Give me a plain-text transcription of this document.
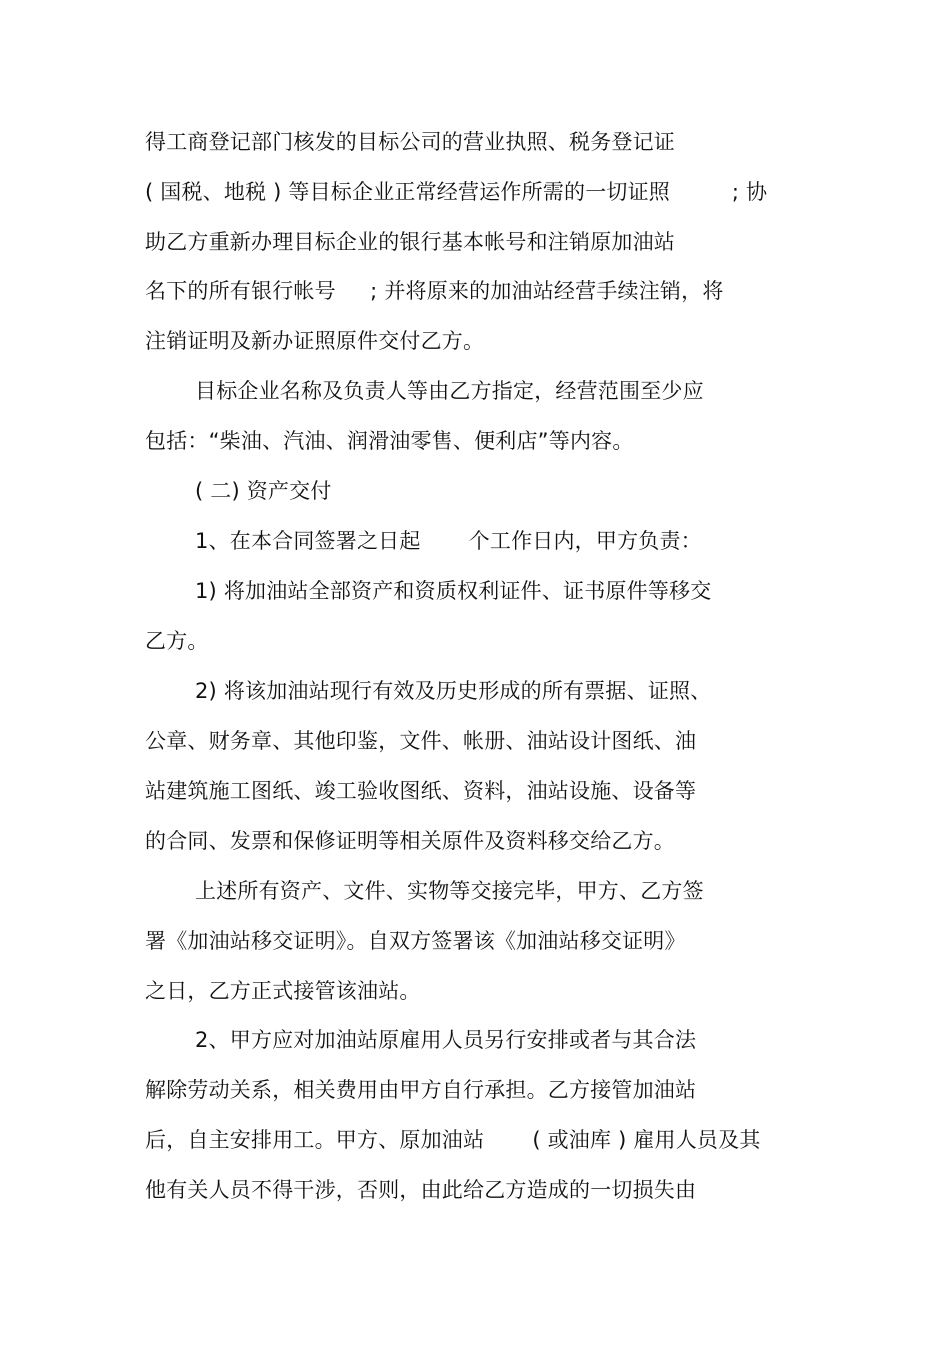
得工商登记部门核发的目标公司的营业执照、税务登记证
( 国税、地税 ) 等目标企业正常经营运作所需的一切证照         ; 协
助乙方重新办理目标企业的银行基本帐号和注销原加油站
名下的所有银行帐号     ; 并将原来的加油站经营手续注销，将
注销证明及新办证照原件交付乙方。
目标企业名称及负责人等由乙方指定，经营范围至少应
包括：“柴油、汽油、润滑油零售、便利店”等内容。
( 二) 资产交付
1、在本合同签署之日起       个工作日内，甲方负责：
1) 将加油站全部资产和资质权利证件、证书原件等移交
乙方。
2) 将该加油站现行有效及历史形成的所有票据、证照、
公章、财务章、其他印鉴，文件、帐册、油站设计图纸、油
站建筑施工图纸、竣工验收图纸、资料，油站设施、设备等
的合同、发票和保修证明等相关原件及资料移交给乙方。
上述所有资产、文件、实物等交接完毕，甲方、乙方签
署《加油站移交证明》。自双方签署该《加油站移交证明》
之日，乙方正式接管该油站。
2、甲方应对加油站原雇用人员另行安排或者与其合法
解除劳动关系，相关费用由甲方自行承担。乙方接管加油站
后，自主安排用工。甲方、原加油站       ( 或油库 ) 雇用人员及其
他有关人员不得干涉，否则，由此给乙方造成的一切损失由
